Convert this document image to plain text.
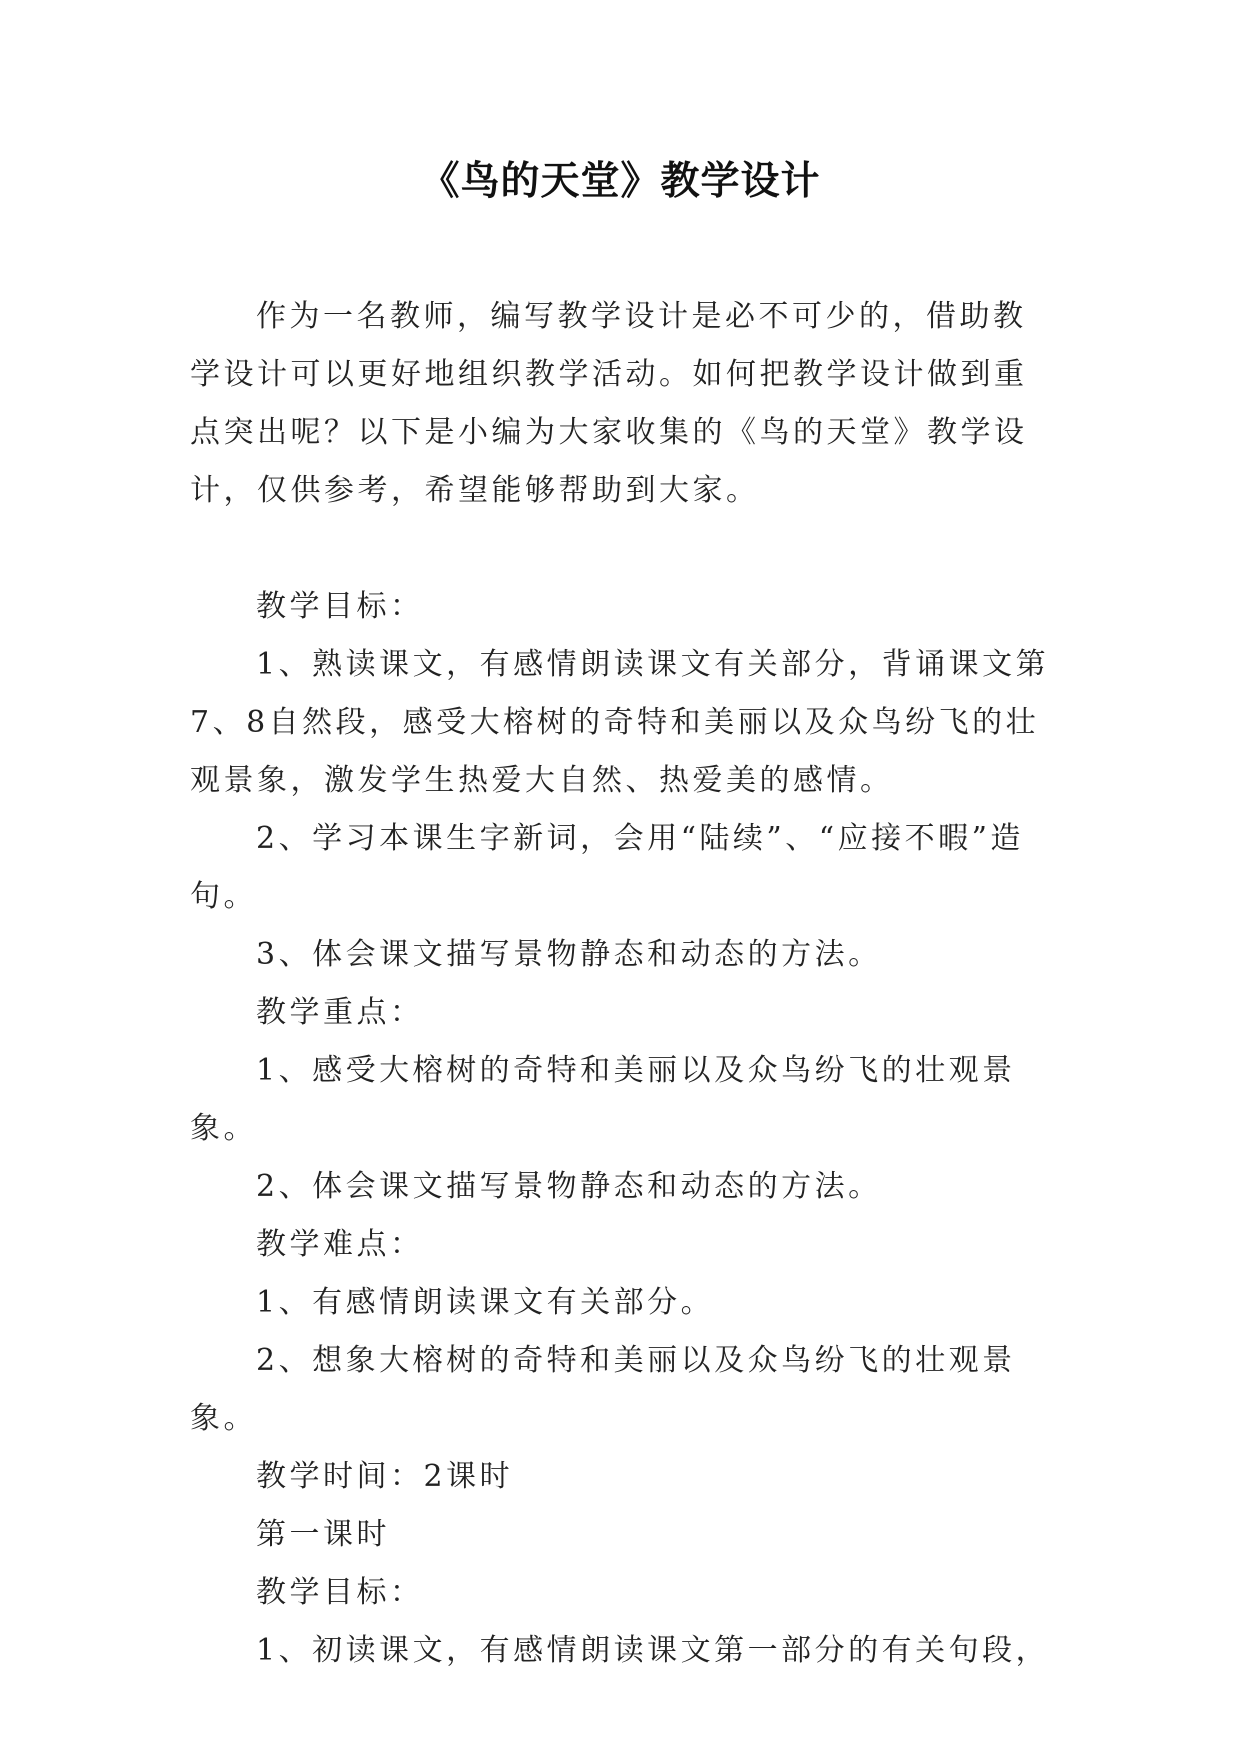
《鸟的天堂》教学设计

作为一名教师，编写教学设计是必不可少的，借助教学设计可以更好地组织教学活动。如何把教学设计做到重点突出呢？以下是小编为大家收集的《鸟的天堂》教学设计，仅供参考，希望能够帮助到大家。

教学目标：

1、熟读课文，有感情朗读课文有关部分，背诵课文第7、8自然段，感受大榕树的奇特和美丽以及众鸟纷飞的壮观景象，激发学生热爱大自然、热爱美的感情。

2、学习本课生字新词，会用“陆续”、“应接不暇”造句。

3、体会课文描写景物静态和动态的方法。

教学重点：

1、感受大榕树的奇特和美丽以及众鸟纷飞的壮观景象。

2、体会课文描写景物静态和动态的方法。

教学难点：

1、有感情朗读课文有关部分。

2、想象大榕树的奇特和美丽以及众鸟纷飞的壮观景象。

教学时间：2课时

第一课时

教学目标：

1、初读课文，有感情朗读课文第一部分的有关句段，
